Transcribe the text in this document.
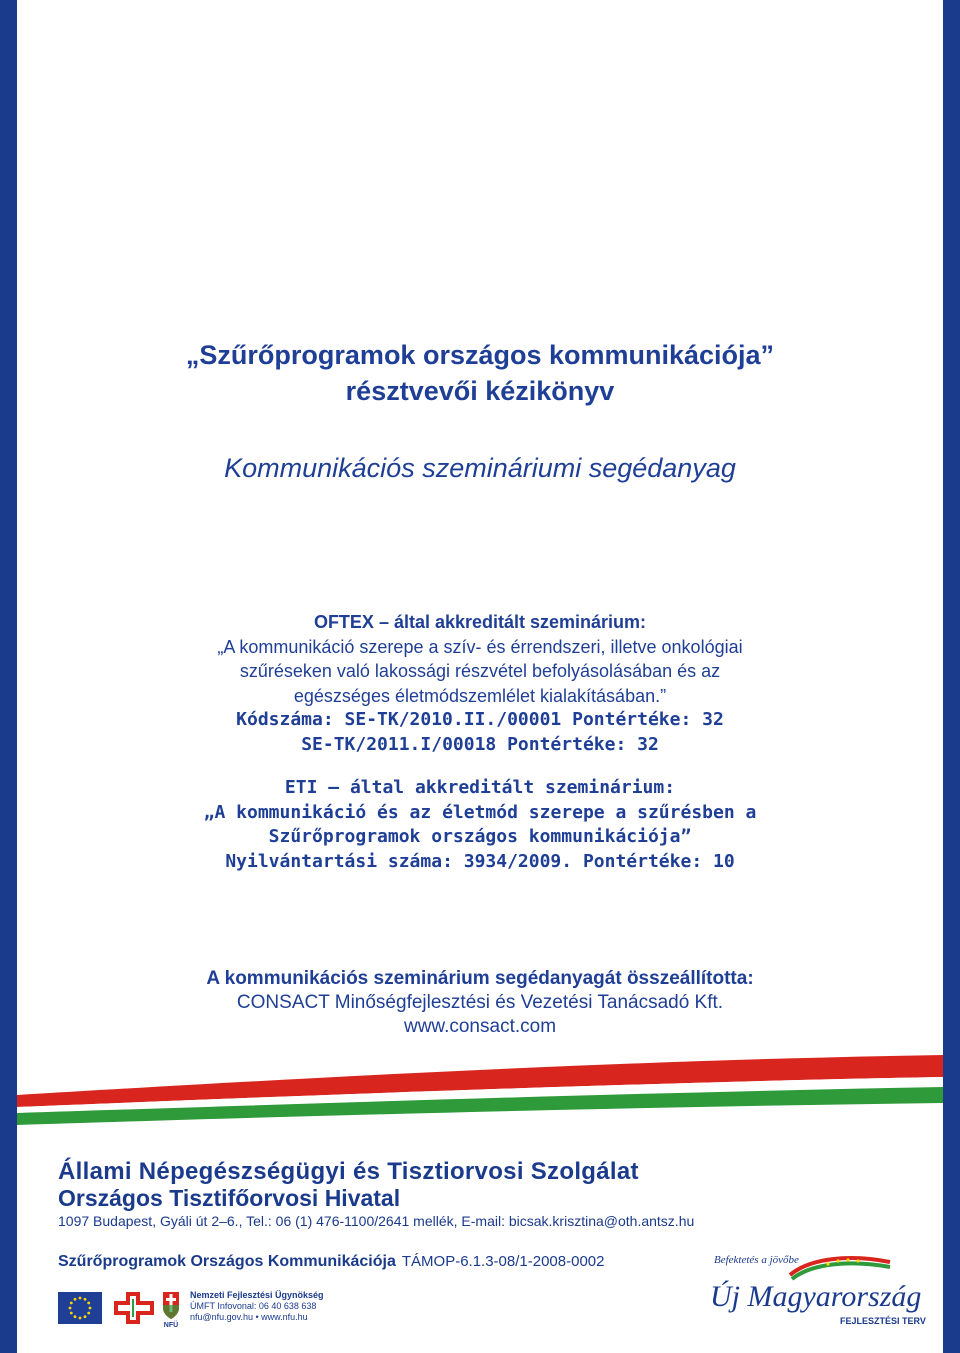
„Szűrőprogramok országos kommunikációja”
résztvevői kézikönyv
Kommunikációs szemináriumi segédanyag
OFTEX – által akkreditált szeminárium:
„A kommunikáció szerepe a szív- és érrendszeri, illetve onkológiai
szűréseken való lakossági részvétel befolyásolásában és az
egészséges életmódszemlélet kialakításában.”
Kódszáma: SE-TK/2010.II./00001 Pontértéke: 32
SE-TK/2011.I/00018 Pontértéke: 32
ETI – által akkreditált szeminárium:
„A kommunikáció és az életmód szerepe a szűrésben a
Szűrőprogramok országos kommunikációja”
Nyilvántartási száma: 3934/2009. Pontértéke: 10
A kommunikációs szeminárium segédanyagát összeállította:
CONSACT Minőségfejlesztési és Vezetési Tanácsadó Kft.
www.consact.com
Állami Népegészségügyi és Tisztiorvosi Szolgálat
Országos Tisztifőorvosi Hivatal
1097 Budapest, Gyáli út 2–6., Tel.: 06 (1) 476-1100/2641 mellék, E-mail: bicsak.krisztina@oth.antsz.hu
Szűrőprogramok Országos Kommunikációja TÁMOP-6.1.3-08/1-2008-0002
NFÜ
Nemzeti Fejlesztési Ügynökség
ÚMFT Infovonal: 06 40 638 638
nfu@nfu.gov.hu • www.nfu.hu
Befektetés a jövőbe
Új Magyarország
FEJLESZTÉSI TERV
